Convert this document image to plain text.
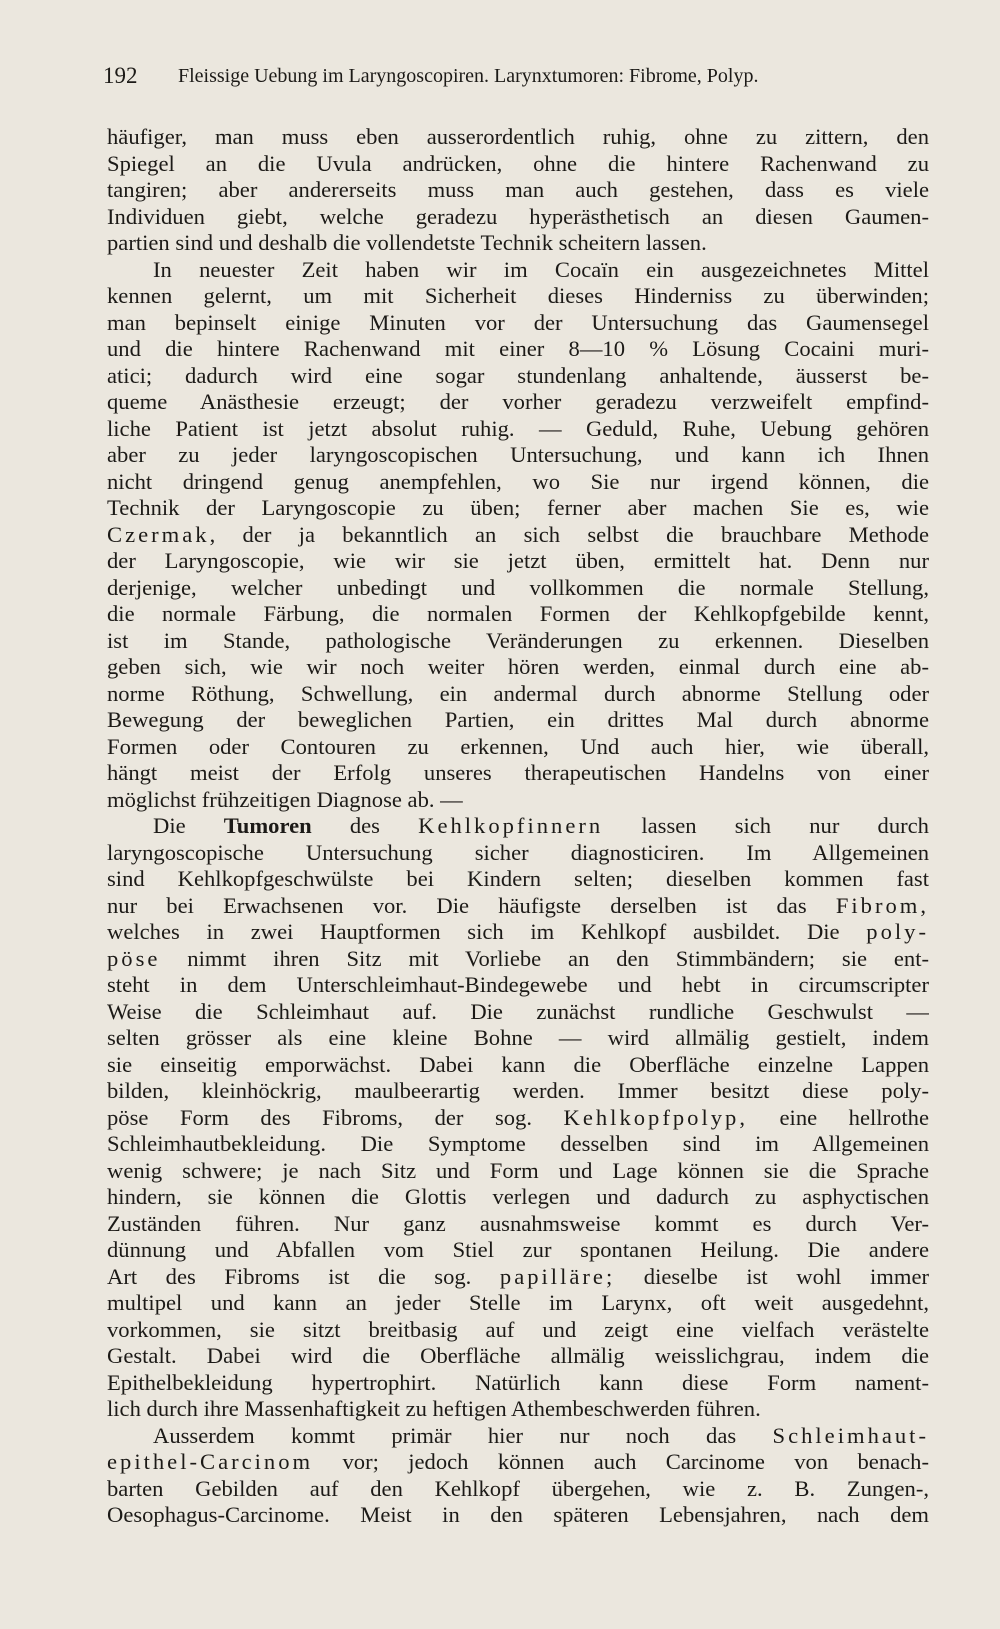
192 Fleissige Uebung im Laryngoscopiren. Larynxtumoren: Fibrome, Polyp.
häufiger, man muss eben ausserordentlich ruhig, ohne zu zittern, den
Spiegel an die Uvula andrücken, ohne die hintere Rachenwand zu
tangiren; aber andererseits muss man auch gestehen, dass es viele
Individuen giebt, welche geradezu hyperästhetisch an diesen Gaumen-
partien sind und deshalb die vollendetste Technik scheitern lassen.
In neuester Zeit haben wir im Cocaïn ein ausgezeichnetes Mittel
kennen gelernt, um mit Sicherheit dieses Hinderniss zu überwinden;
man bepinselt einige Minuten vor der Untersuchung das Gaumensegel
und die hintere Rachenwand mit einer 8—10 % Lösung Cocaini muri-
atici; dadurch wird eine sogar stundenlang anhaltende, äusserst be-
queme Anästhesie erzeugt; der vorher geradezu verzweifelt empfind-
liche Patient ist jetzt absolut ruhig. — Geduld, Ruhe, Uebung gehören
aber zu jeder laryngoscopischen Untersuchung, und kann ich Ihnen
nicht dringend genug anempfehlen, wo Sie nur irgend können, die
Technik der Laryngoscopie zu üben; ferner aber machen Sie es, wie
Czermak, der ja bekanntlich an sich selbst die brauchbare Methode
der Laryngoscopie, wie wir sie jetzt üben, ermittelt hat. Denn nur
derjenige, welcher unbedingt und vollkommen die normale Stellung,
die normale Färbung, die normalen Formen der Kehlkopfgebilde kennt,
ist im Stande, pathologische Veränderungen zu erkennen. Dieselben
geben sich, wie wir noch weiter hören werden, einmal durch eine ab-
norme Röthung, Schwellung, ein andermal durch abnorme Stellung oder
Bewegung der beweglichen Partien, ein drittes Mal durch abnorme
Formen oder Contouren zu erkennen, Und auch hier, wie überall,
hängt meist der Erfolg unseres therapeutischen Handelns von einer
möglichst frühzeitigen Diagnose ab. —
Die Tumoren des Kehlkopfinnern lassen sich nur durch
laryngoscopische Untersuchung sicher diagnosticiren. Im Allgemeinen
sind Kehlkopfgeschwülste bei Kindern selten; dieselben kommen fast
nur bei Erwachsenen vor. Die häufigste derselben ist das Fibrom,
welches in zwei Hauptformen sich im Kehlkopf ausbildet. Die poly-
pöse nimmt ihren Sitz mit Vorliebe an den Stimmbändern; sie ent-
steht in dem Unterschleimhaut-Bindegewebe und hebt in circumscripter
Weise die Schleimhaut auf. Die zunächst rundliche Geschwulst —
selten grösser als eine kleine Bohne — wird allmälig gestielt, indem
sie einseitig emporwächst. Dabei kann die Oberfläche einzelne Lappen
bilden, kleinhöckrig, maulbeerartig werden. Immer besitzt diese poly-
pöse Form des Fibroms, der sog. Kehlkopfpolyp, eine hellrothe
Schleimhautbekleidung. Die Symptome desselben sind im Allgemeinen
wenig schwere; je nach Sitz und Form und Lage können sie die Sprache
hindern, sie können die Glottis verlegen und dadurch zu asphyctischen
Zuständen führen. Nur ganz ausnahmsweise kommt es durch Ver-
dünnung und Abfallen vom Stiel zur spontanen Heilung. Die andere
Art des Fibroms ist die sog. papilläre; dieselbe ist wohl immer
multipel und kann an jeder Stelle im Larynx, oft weit ausgedehnt,
vorkommen, sie sitzt breitbasig auf und zeigt eine vielfach verästelte
Gestalt. Dabei wird die Oberfläche allmälig weisslichgrau, indem die
Epithelbekleidung hypertrophirt. Natürlich kann diese Form nament-
lich durch ihre Massenhaftigkeit zu heftigen Athembeschwerden führen.
Ausserdem kommt primär hier nur noch das Schleimhaut-
epithel-Carcinom vor; jedoch können auch Carcinome von benach-
barten Gebilden auf den Kehlkopf übergehen, wie z. B. Zungen-,
Oesophagus-Carcinome. Meist in den späteren Lebensjahren, nach dem
